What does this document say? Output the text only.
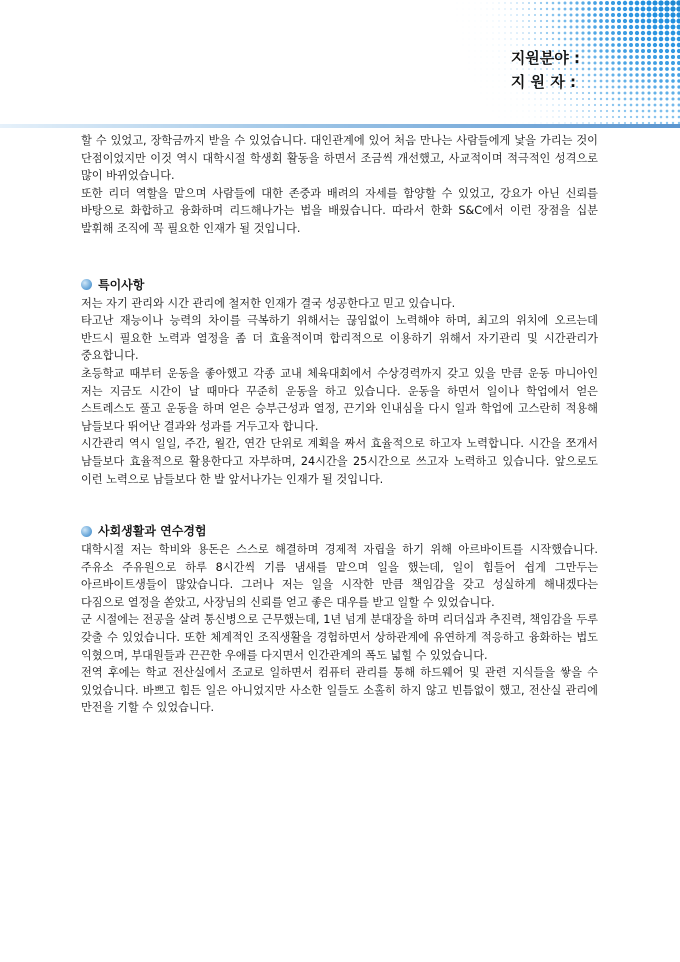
지원분야 :
지 원 자 :

할 수 있었고, 장학금까지 받을 수 있었습니다. 대인관계에 있어 처음 만나는 사람들에게 낯을 가리는 것이 단점이었지만 이것 역시 대학시절 학생회 활동을 하면서 조금씩 개선했고, 사교적이며 적극적인 성격으로 많이 바뀌었습니다.

또한 리더 역할을 맡으며 사람들에 대한 존중과 배려의 자세를 함양할 수 있었고, 강요가 아닌 신뢰를 바탕으로 화합하고 융화하며 리드해나가는 법을 배웠습니다. 따라서 한화 S&C에서 이런 장점을 십분 발휘해 조직에 꼭 필요한 인재가 될 것입니다.

특이사항

저는 자기 관리와 시간 관리에 철저한 인재가 결국 성공한다고 믿고 있습니다.

타고난 재능이나 능력의 차이를 극복하기 위해서는 끊임없이 노력해야 하며, 최고의 위치에 오르는데 반드시 필요한 노력과 열정을 좀 더 효율적이며 합리적으로 이용하기 위해서 자기관리 및 시간관리가 중요합니다.

초등학교 때부터 운동을 좋아했고 각종 교내 체육대회에서 수상경력까지 갖고 있을 만큼 운동 마니아인 저는 지금도 시간이 날 때마다 꾸준히 운동을 하고 있습니다. 운동을 하면서 일이나 학업에서 얻은 스트레스도 풀고 운동을 하며 얻은 승부근성과 열정, 끈기와 인내심을 다시 일과 학업에 고스란히 적용해 남들보다 뛰어난 결과와 성과를 거두고자 합니다.

시간관리 역시 일일, 주간, 월간, 연간 단위로 계획을 짜서 효율적으로 하고자 노력합니다. 시간을 쪼개서 남들보다 효율적으로 활용한다고 자부하며, 24시간을 25시간으로 쓰고자 노력하고 있습니다. 앞으로도 이런 노력으로 남들보다 한 발 앞서나가는 인재가 될 것입니다.

사회생활과 연수경험

대학시절 저는 학비와 용돈은 스스로 해결하며 경제적 자립을 하기 위해 아르바이트를 시작했습니다. 주유소 주유원으로 하루 8시간씩 기름 냄새를 맡으며 일을 했는데, 일이 힘들어 쉽게 그만두는 아르바이트생들이 많았습니다. 그러나 저는 일을 시작한 만큼 책임감을 갖고 성실하게 해내겠다는 다짐으로 열정을 쏟았고, 사장님의 신뢰를 얻고 좋은 대우를 받고 일할 수 있었습니다.

군 시절에는 전공을 살려 통신병으로 근무했는데, 1년 넘게 분대장을 하며 리더십과 추진력, 책임감을 두루 갖출 수 있었습니다. 또한 체계적인 조직생활을 경험하면서 상하관계에 유연하게 적응하고 융화하는 법도 익혔으며, 부대원들과 끈끈한 우애를 다지면서 인간관계의 폭도 넓힐 수 있었습니다.

전역 후에는 학교 전산실에서 조교로 일하면서 컴퓨터 관리를 통해 하드웨어 및 관련 지식들을 쌓을 수 있었습니다. 바쁘고 힘든 일은 아니었지만 사소한 일들도 소홀히 하지 않고 빈틈없이 했고, 전산실 관리에 만전을 기할 수 있었습니다.
